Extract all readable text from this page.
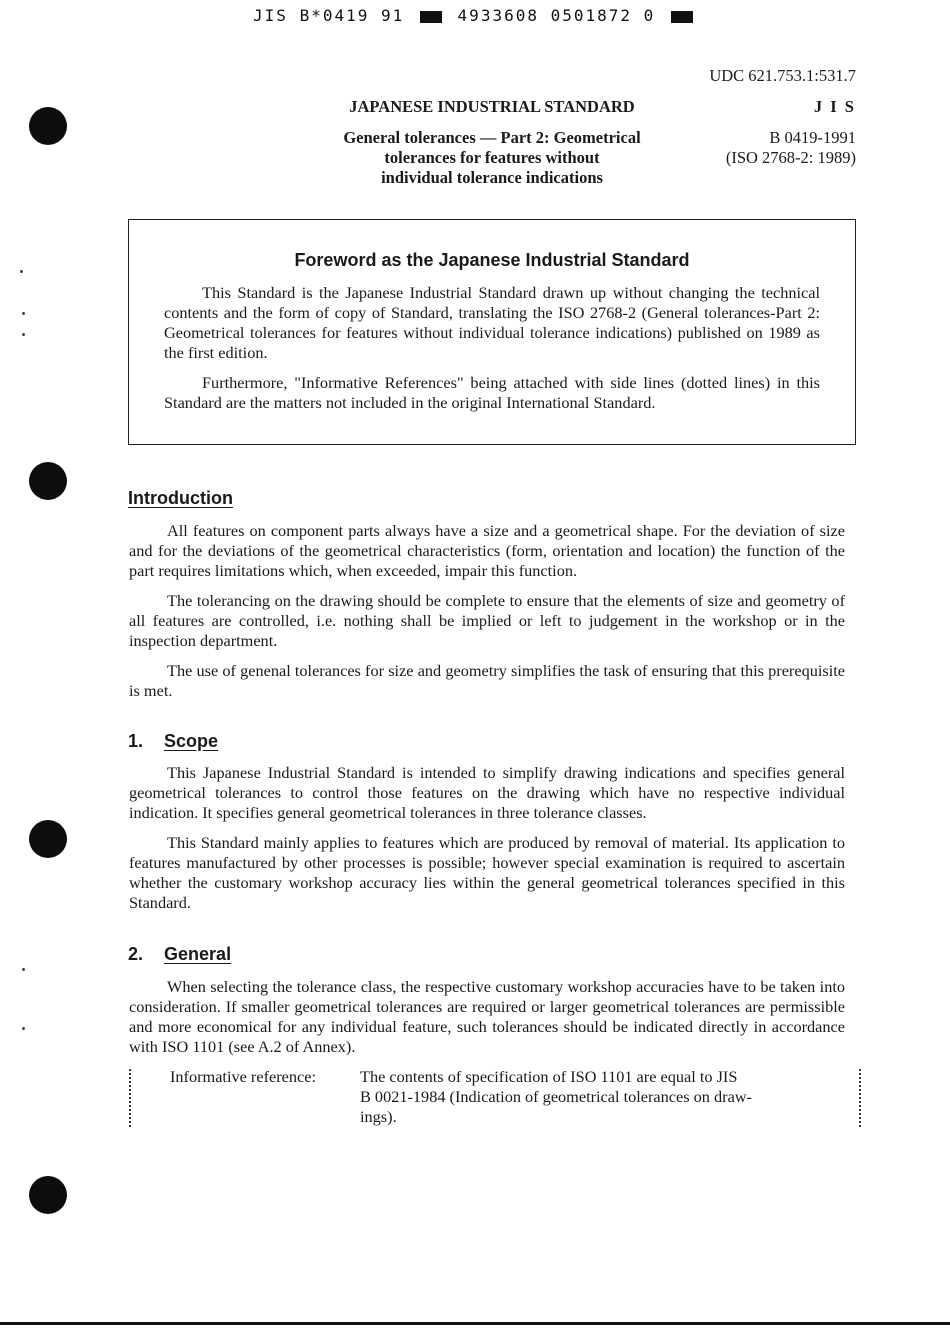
JIS B*0419 91	4933608 0501872 0
UDC 621.753.1:531.7
JAPANESE INDUSTRIAL STANDARD	J I S
General tolerances — Part 2: Geometrical
tolerances for features without
individual tolerance indications
B 0419-1991
(ISO 2768-2: 1989)
Foreword as the Japanese Industrial Standard

This Standard is the Japanese Industrial Standard drawn up without changing the technical contents and the form of copy of Standard, translating the ISO 2768-2 (General tolerances-Part 2: Geometrical tolerances for features without individual tolerance indications) published on 1989 as the first edition.

Furthermore, "Informative References" being attached with side lines (dotted lines) in this Standard are the matters not included in the original International Standard.

Introduction

All features on component parts always have a size and a geometrical shape. For the deviation of size and for the deviations of the geometrical characteristics (form, orientation and location) the function of the part requires limitations which, when exceeded, impair this function.

The tolerancing on the drawing should be complete to ensure that the elements of size and geometry of all features are controlled, i.e. nothing shall be implied or left to judgement in the workshop or in the inspection department.

The use of genenal tolerances for size and geometry simplifies the task of ensuring that this prerequisite is met.

1. Scope

This Japanese Industrial Standard is intended to simplify drawing indications and specifies general geometrical tolerances to control those features on the drawing which have no respective individual indication. It specifies general geometrical tolerances in three tolerance classes.

This Standard mainly applies to features which are produced by removal of material. Its application to features manufactured by other processes is possible; however special examination is required to ascertain whether the customary workshop accuracy lies within the general geometrical tolerances specified in this Standard.

2. General

When selecting the tolerance class, the respective customary workshop accuracies have to be taken into consideration. If smaller geometrical tolerances are required or larger geometrical tolerances are permissible and more economical for any individual feature, such tolerances should be indicated directly in accordance with ISO 1101 (see A.2 of Annex).

Informative reference:	The contents of specification of ISO 1101 are equal to JIS
B 0021-1984 (Indication of geometrical tolerances on draw-
ings).
